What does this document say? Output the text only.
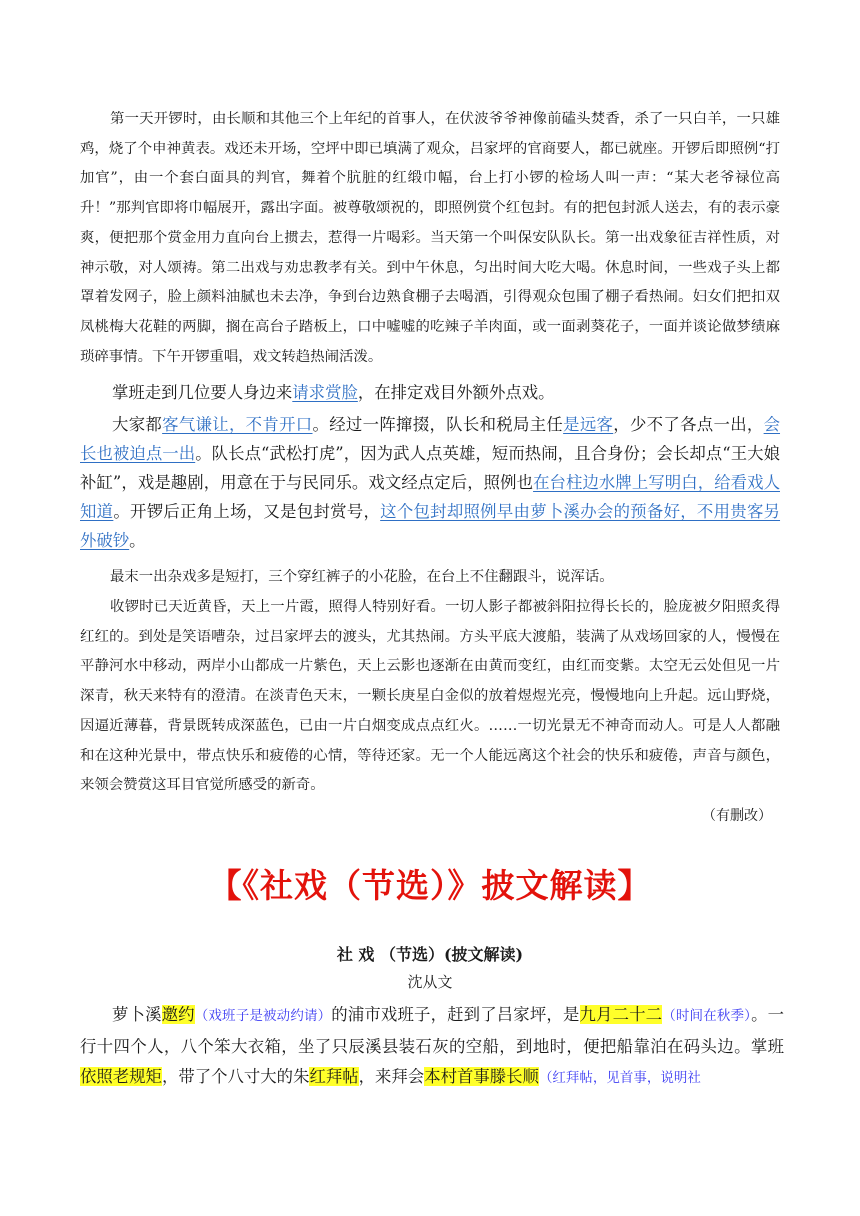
第一天开锣时，由长顺和其他三个上年纪的首事人，在伏波爷爷神像前磕头焚香，杀了一只白羊，一只雄鸡，烧了个申神黄表。戏还未开场，空坪中即已填满了观众，吕家坪的官商要人，都已就座。开锣后即照例“打加官”，由一个套白面具的判官，舞着个肮脏的红缎巾幅，台上打小锣的检场人叫一声：“某大老爷禄位高升！”那判官即将巾幅展开，露出字面。被尊敬颂祝的，即照例赏个红包封。有的把包封派人送去，有的表示豪爽，便把那个赏金用力直向台上掼去，惹得一片喝彩。当天第一个叫保安队队长。第一出戏象征吉祥性质，对神示敬，对人颂祷。第二出戏与劝忠教孝有关。到中午休息，匀出时间大吃大喝。休息时间，一些戏子头上都罩着发网子，脸上颜料油腻也未去净，争到台边熟食棚子去喝酒，引得观众包围了棚子看热闹。妇女们把扣双凤桃梅大花鞋的两脚，搁在高台子踏板上，口中嘘嘘的吃辣子羊肉面，或一面剥葵花子，一面并谈论做梦绩麻琐碎事情。下午开锣重唱，戏文转趋热闹活泼。

掌班走到几位要人身边来请求赏脸，在排定戏目外额外点戏。

大家都客气谦让，不肯开口。经过一阵撺掇，队长和税局主任是远客，少不了各点一出，会长也被迫点一出。队长点“武松打虎”，因为武人点英雄，短而热闹，且合身份；会长却点“王大娘补缸”，戏是趣剧，用意在于与民同乐。戏文经点定后，照例也在台柱边水牌上写明白，给看戏人知道。开锣后正角上场，又是包封赏号，这个包封却照例早由萝卜溪办会的预备好，不用贵客另外破钞。

最末一出杂戏多是短打，三个穿红裤子的小花脸，在台上不住翻跟斗，说浑话。

收锣时已天近黄昏，天上一片霞，照得人特别好看。一切人影子都被斜阳拉得长长的，脸庞被夕阳照炙得红红的。到处是笑语嘈杂，过吕家坪去的渡头，尤其热闹。方头平底大渡船，装满了从戏场回家的人，慢慢在平静河水中移动，两岸小山都成一片紫色，天上云影也逐渐在由黄而变红，由红而变紫。太空无云处但见一片深青，秋天来特有的澄清。在淡青色天末，一颗长庚星白金似的放着煜煜光亮，慢慢地向上升起。远山野烧，因逼近薄暮，背景既转成深蓝色，已由一片白烟变成点点红火。……一切光景无不神奇而动人。可是人人都融和在这种光景中，带点快乐和疲倦的心情，等待还家。无一个人能远离这个社会的快乐和疲倦，声音与颜色，来领会赞赏这耳目官觉所感受的新奇。

（有删改）
【《社戏（节选）》披文解读】
社 戏 （节选）(披文解读)
沈从文

萝卜溪邀约（戏班子是被动约请）的浦市戏班子，赶到了吕家坪，是九月二十二（时间在秋季）。一行十四个人，八个笨大衣箱，坐了只辰溪县装石灰的空船，到地时，便把船靠泊在码头边。掌班依照老规矩，带了个八寸大的朱红拜帖，来拜会本村首事滕长顺（红拜帖，见首事，说明社
